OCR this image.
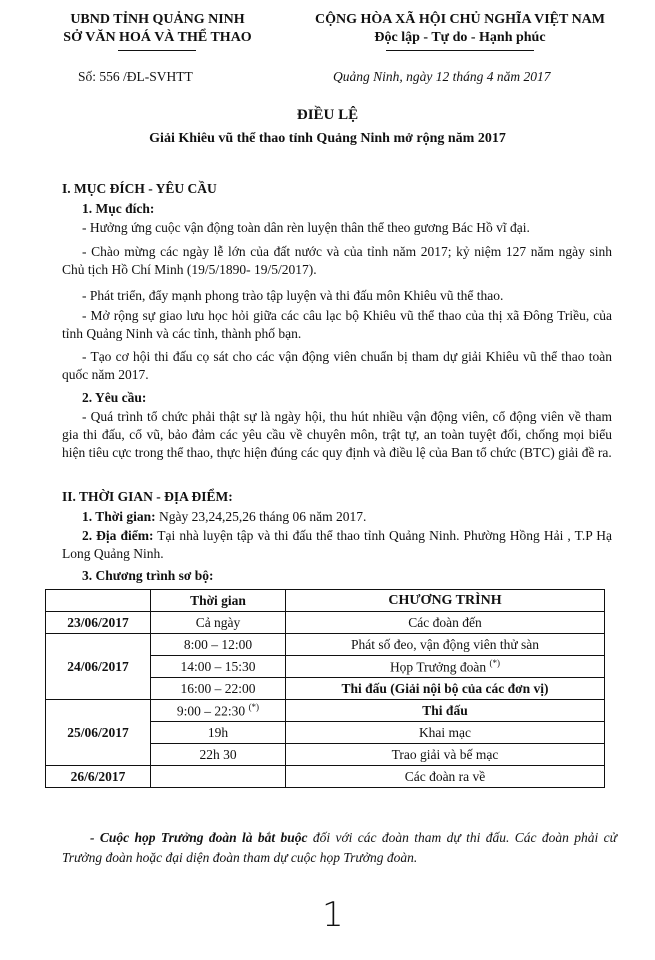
UBND TỈNH QUẢNG NINH
SỞ VĂN HOÁ VÀ THỂ THAO
CỘNG HÒA XÃ HỘI CHỦ NGHĨA VIỆT NAM
Độc lập - Tự do - Hạnh phúc
Số: 556 /ĐL-SVHTT	Quảng Ninh, ngày 12 tháng 4 năm 2017
ĐIỀU LỆ
Giải Khiêu vũ thể thao tỉnh Quảng Ninh mở rộng năm 2017
I. MỤC ĐÍCH - YÊU CẦU
1. Mục đích:
- Hưởng ứng cuộc vận động toàn dân rèn luyện thân thể theo gương Bác Hồ vĩ đại.
- Chào mừng các ngày lễ lớn của đất nước và của tỉnh năm 2017; kỷ niệm 127 năm ngày sinh Chủ tịch Hồ Chí Minh (19/5/1890- 19/5/2017).
- Phát triển, đẩy mạnh phong trào tập luyện và thi đấu môn Khiêu vũ thể thao.
- Mở rộng sự giao lưu học hỏi giữa các câu lạc bộ Khiêu vũ thể thao của thị xã Đông Triều, của tỉnh Quảng Ninh và các tỉnh, thành phố bạn.
- Tạo cơ hội thi đấu cọ sát cho các vận động viên chuẩn bị tham dự giải Khiêu vũ thể thao toàn quốc năm 2017.
2. Yêu cầu:
- Quá trình tổ chức phải thật sự là ngày hội, thu hút nhiều vận động viên, cổ động viên về tham gia thi đấu, cổ vũ, bảo đảm các yêu cầu về chuyên môn, trật tự, an toàn tuyệt đối, chống mọi biểu hiện tiêu cực trong thể thao, thực hiện đúng các quy định và điều lệ của Ban tổ chức (BTC) giải đề ra.
II. THỜI GIAN - ĐỊA ĐIỂM:
1. Thời gian: Ngày 23,24,25,26 tháng 06 năm 2017.
2. Địa điểm: Tại nhà luyện tập và thi đấu thể thao tỉnh Quảng Ninh. Phường Hồng Hải , T.P Hạ Long Quảng Ninh.
3. Chương trình sơ bộ:
	Thời gian	CHƯƠNG TRÌNH
23/06/2017	Cả ngày	Các đoàn đến
24/06/2017	8:00 – 12:00	Phát số đeo, vận động viên thử sàn
	14:00 – 15:30	Họp Trưởng đoàn (*)
	16:00 – 22:00	Thi đấu (Giải nội bộ của các đơn vị)
25/06/2017	9:00 – 22:30 (*)	Thi đấu
	19h	Khai mạc
	22h 30	Trao giải và bế mạc
26/6/2017		Các đoàn ra về
- Cuộc họp Trưởng đoàn là bắt buộc đối với các đoàn tham dự thi đấu. Các đoàn phải cử Trưởng đoàn hoặc đại diện đoàn tham dự cuộc họp Trưởng đoàn.
1
